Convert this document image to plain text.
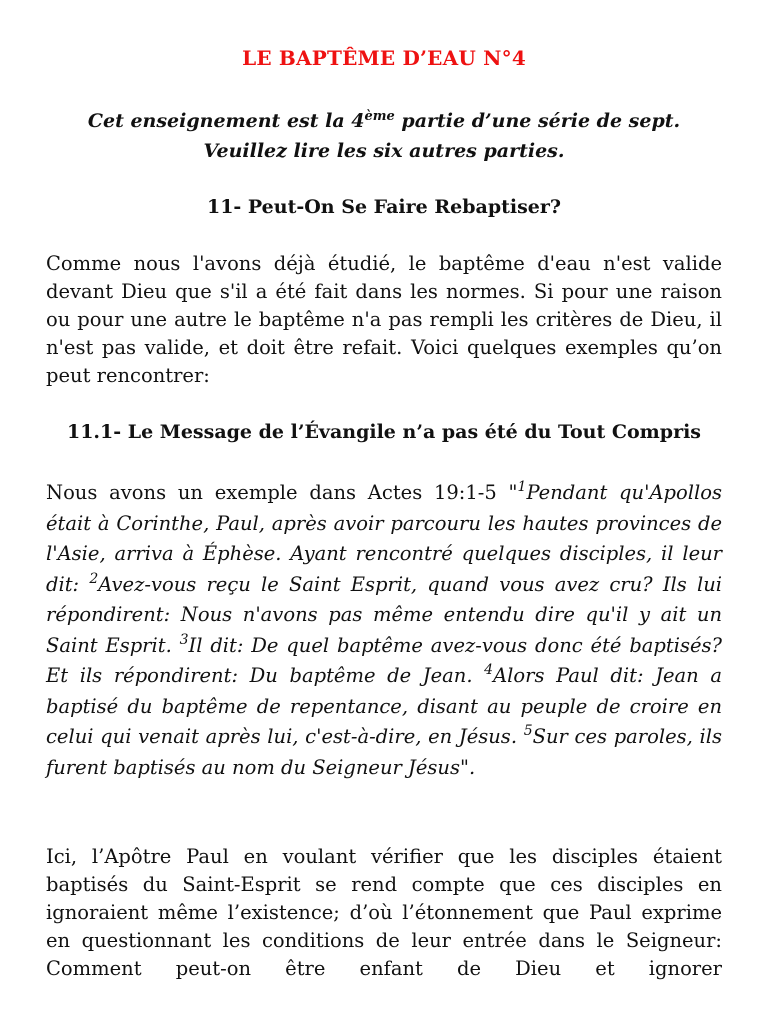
LE BAPTÊME D’EAU N°4
Cet enseignement est la 4ème partie d’une série de sept.
Veuillez lire les six autres parties.
11- Peut-On Se Faire Rebaptiser?
Comme nous l'avons déjà étudié, le baptême d'eau n'est valide devant Dieu que s'il a été fait dans les normes. Si pour une raison ou pour une autre le baptême n'a pas rempli les critères de Dieu, il n'est pas valide, et doit être refait. Voici quelques exemples qu’on peut rencontrer:
11.1- Le Message de l’Évangile n’a pas été du Tout Compris
Nous avons un exemple dans Actes 19:1-5 "$^1$Pendant qu'Apollos était à Corinthe, Paul, après avoir parcouru les hautes provinces de l'Asie, arriva à Éphèse. Ayant rencontré quelques disciples, il leur dit: $^2$Avez-vous reçu le Saint Esprit, quand vous avez cru? Ils lui répondirent: Nous n'avons pas même entendu dire qu'il y ait un Saint Esprit. $^3$Il dit: De quel baptême avez-vous donc été baptisés? Et ils répondirent: Du baptême de Jean. $^4$Alors Paul dit: Jean a baptisé du baptême de repentance, disant au peuple de croire en celui qui venait après lui, c'est-à-dire, en Jésus. $^5$Sur ces paroles, ils furent baptisés au nom du Seigneur Jésus".
Ici, l’Apôtre Paul en voulant vérifier que les disciples étaient baptisés du Saint-Esprit se rend compte que ces disciples en ignoraient même l’existence; d’où l’étonnement que Paul exprime en questionnant les conditions de leur entrée dans le Seigneur: Comment peut-on être enfant de Dieu et ignorer
